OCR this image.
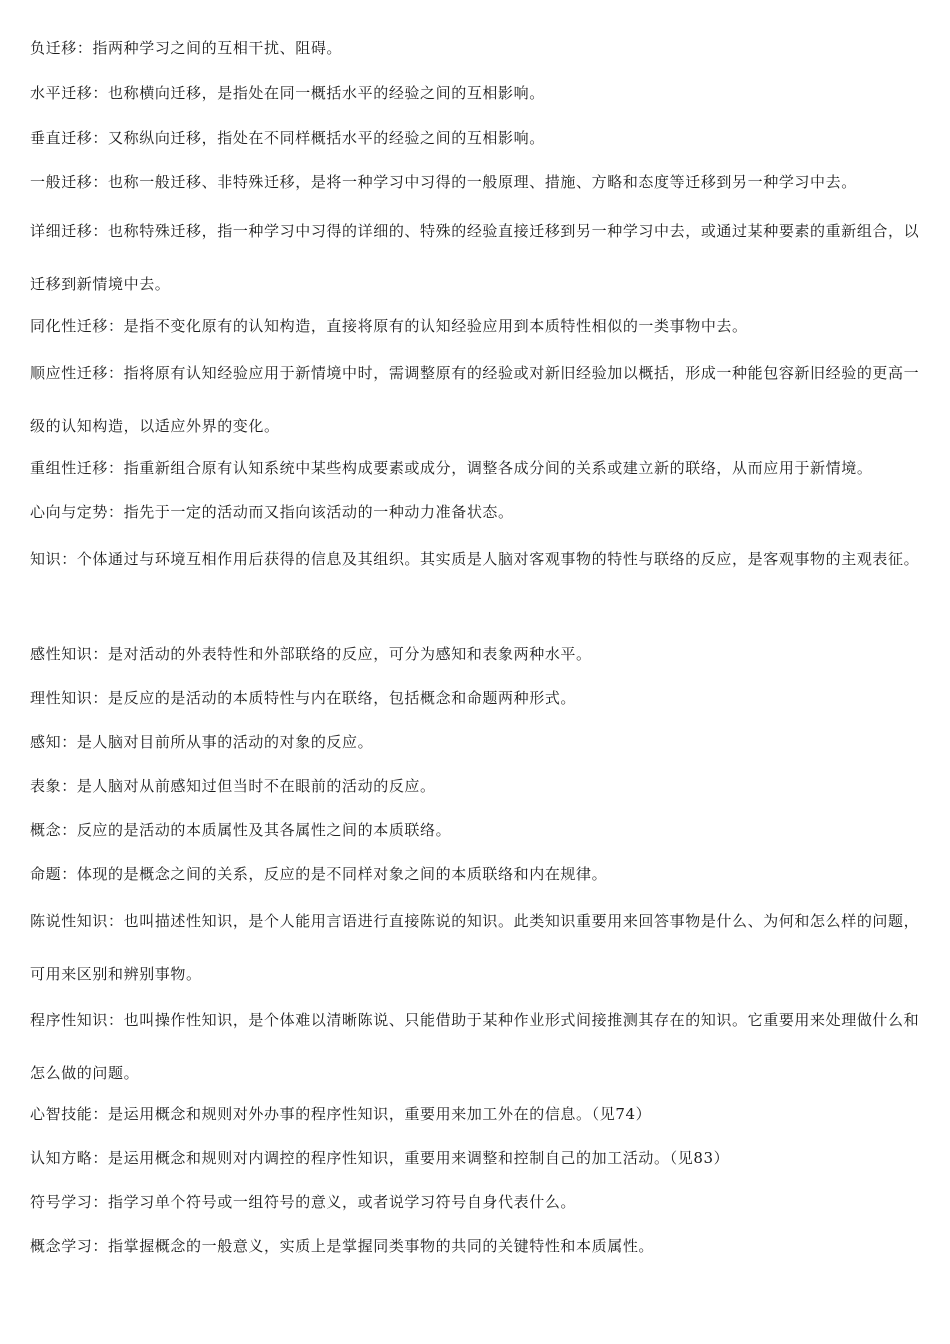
负迁移：指两种学习之间的互相干扰、阻碍。

水平迁移：也称横向迁移，是指处在同一概括水平的经验之间的互相影响。

垂直迁移：又称纵向迁移，指处在不同样概括水平的经验之间的互相影响。

一般迁移：也称一般迁移、非特殊迁移，是将一种学习中习得的一般原理、措施、方略和态度等迁移到另一种学习中去。

详细迁移：也称特殊迁移，指一种学习中习得的详细的、特殊的经验直接迁移到另一种学习中去，或通过某种要素的重新组合，以迁移到新情境中去。

同化性迁移：是指不变化原有的认知构造，直接将原有的认知经验应用到本质特性相似的一类事物中去。

顺应性迁移：指将原有认知经验应用于新情境中时，需调整原有的经验或对新旧经验加以概括，形成一种能包容新旧经验的更高一级的认知构造，以适应外界的变化。

重组性迁移：指重新组合原有认知系统中某些构成要素或成分，调整各成分间的关系或建立新的联络，从而应用于新情境。

心向与定势：指先于一定的活动而又指向该活动的一种动力准备状态。

知识：个体通过与环境互相作用后获得的信息及其组织。其实质是人脑对客观事物的特性与联络的反应，是客观事物的主观表征。

感性知识：是对活动的外表特性和外部联络的反应，可分为感知和表象两种水平。

理性知识：是反应的是活动的本质特性与内在联络，包括概念和命题两种形式。

感知：是人脑对目前所从事的活动的对象的反应。

表象：是人脑对从前感知过但当时不在眼前的活动的反应。

概念：反应的是活动的本质属性及其各属性之间的本质联络。

命题：体现的是概念之间的关系，反应的是不同样对象之间的本质联络和内在规律。

陈说性知识：也叫描述性知识，是个人能用言语进行直接陈说的知识。此类知识重要用来回答事物是什么、为何和怎么样的问题，可用来区别和辨别事物。

程序性知识：也叫操作性知识，是个体难以清晰陈说、只能借助于某种作业形式间接推测其存在的知识。它重要用来处理做什么和怎么做的问题。

心智技能：是运用概念和规则对外办事的程序性知识，重要用来加工外在的信息。（见74）

认知方略：是运用概念和规则对内调控的程序性知识，重要用来调整和控制自己的加工活动。（见83）

符号学习：指学习单个符号或一组符号的意义，或者说学习符号自身代表什么。

概念学习：指掌握概念的一般意义，实质上是掌握同类事物的共同的关键特性和本质属性。
